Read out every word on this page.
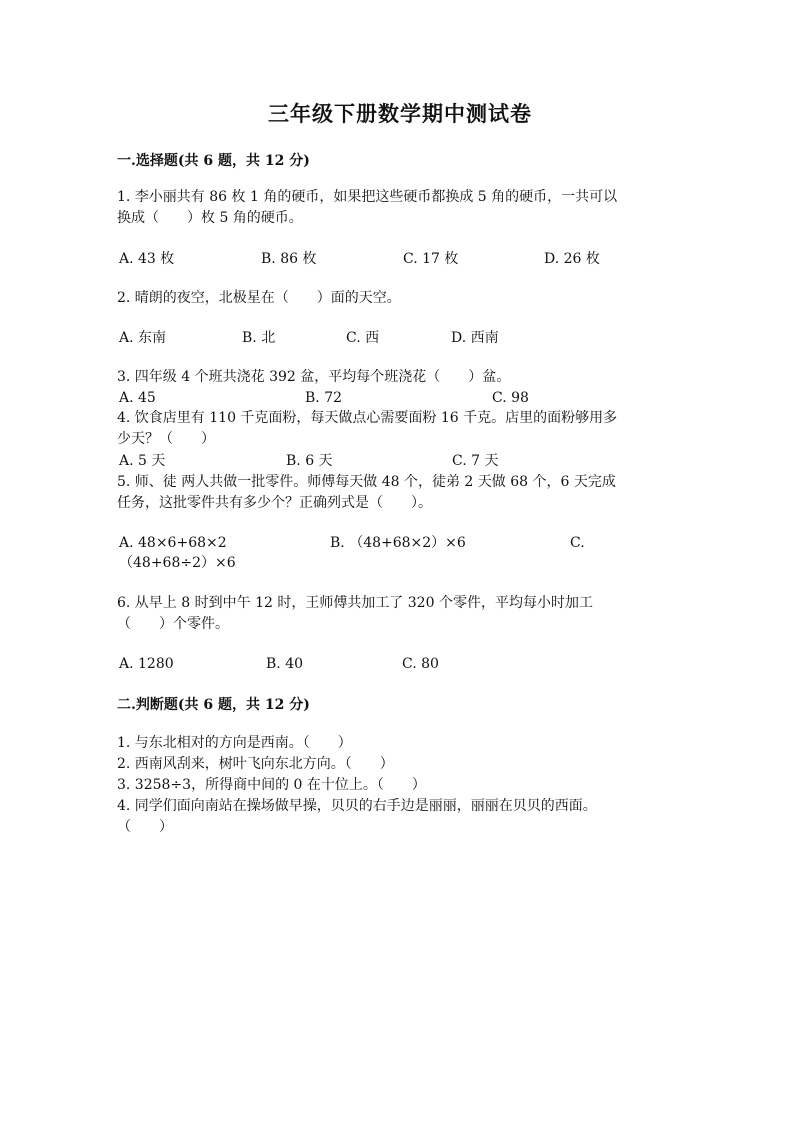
三年级下册数学期中测试卷
一.选择题(共 6 题，共 12 分)
1. 李小丽共有 86 枚 1 角的硬币，如果把这些硬币都换成 5 角的硬币，一共可以
换成（　　）枚 5 角的硬币。
A. 43 枚	B. 86 枚	C. 17 枚	D. 26 枚
2. 晴朗的夜空，北极星在（　　）面的天空。
A. 东南	B. 北	C. 西	D. 西南
3. 四年级 4 个班共浇花 392 盆，平均每个班浇花（　　）盆。
A. 45	B. 72	C. 98
4. 饮食店里有 110 千克面粉，每天做点心需要面粉 16 千克。店里的面粉够用多
少天？（　　）
A. 5 天	B. 6 天	C. 7 天
5. 师、徒 两人共做一批零件。师傅每天做 48 个，徒弟 2 天做 68 个，6 天完成
任务，这批零件共有多少个？正确列式是（　　）。
A. 48×6+68×2	B. （48+68×2）×6	C.
（48+68÷2）×6
6. 从早上 8 时到中午 12 时，王师傅共加工了 320 个零件，平均每小时加工
（　　）个零件。
A. 1280	B. 40	C. 80
二.判断题(共 6 题，共 12 分)
1. 与东北相对的方向是西南。（　　）
2. 西南风刮来，树叶飞向东北方向。（　　）
3. 3258÷3，所得商中间的 0 在十位上。（　　）
4. 同学们面向南站在操场做早操，贝贝的右手边是丽丽，丽丽在贝贝的西面。
（　　）
